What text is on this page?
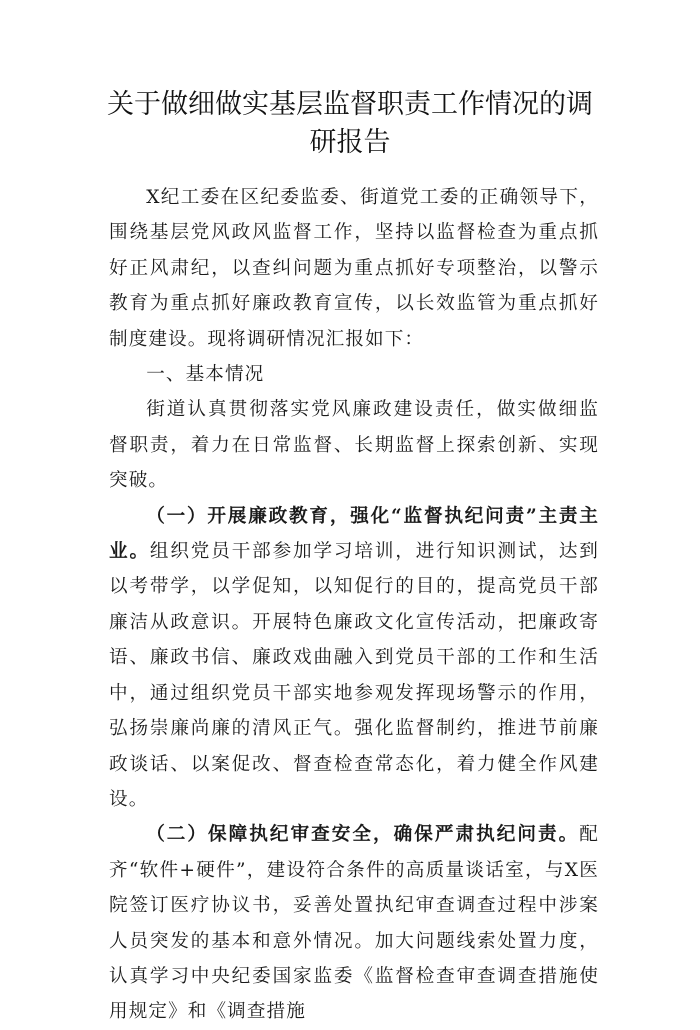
关于做细做实基层监督职责工作情况的调研报告

X纪工委在区纪委监委、街道党工委的正确领导下，围绕基层党风政风监督工作，坚持以监督检查为重点抓好正风肃纪，以查纠问题为重点抓好专项整治，以警示教育为重点抓好廉政教育宣传，以长效监管为重点抓好制度建设。现将调研情况汇报如下：

一、基本情况

街道认真贯彻落实党风廉政建设责任，做实做细监督职责，着力在日常监督、长期监督上探索创新、实现突破。

（一）开展廉政教育，强化“监督执纪问责”主责主业。组织党员干部参加学习培训，进行知识测试，达到以考带学，以学促知，以知促行的目的，提高党员干部廉洁从政意识。开展特色廉政文化宣传活动，把廉政寄语、廉政书信、廉政戏曲融入到党员干部的工作和生活中，通过组织党员干部实地参观发挥现场警示的作用，弘扬崇廉尚廉的清风正气。强化监督制约，推进节前廉政谈话、以案促改、督查检查常态化，着力健全作风建设。

（二）保障执纪审查安全，确保严肃执纪问责。配齐“软件+硬件”，建设符合条件的高质量谈话室，与X医院签订医疗协议书，妥善处置执纪审查调查过程中涉案人员突发的基本和意外情况。加大问题线索处置力度，认真学习中央纪委国家监委《监督检查审查调查措施使用规定》和《调查措施
